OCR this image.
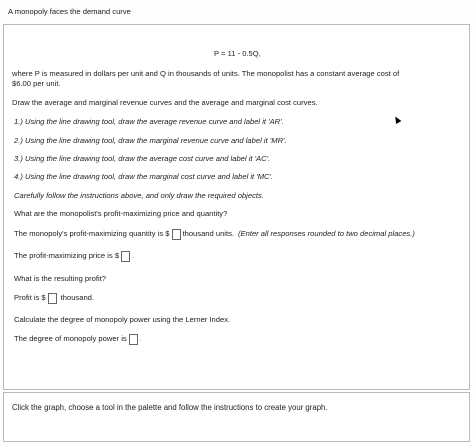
A monopoly faces the demand curve
P = 11 - 0.5Q,
where P is measured in dollars per unit and Q in thousands of units. The monopolist has a constant average cost of
$6.00 per unit.
Draw the average and marginal revenue curves and the average and marginal cost curves.
1.) Using the line drawing tool, draw the average revenue curve and label it 'AR'.
2.) Using the line drawing tool, draw the marginal revenue curve and label it 'MR'.
3.) Using the line drawing tool, draw the average cost curve and label it 'AC'.
4.) Using the line drawing tool, draw the marginal cost curve and label it 'MC'.
Carefully follow the instructions above, and only draw the required objects.
What are the monopolist's profit-maximizing price and quantity?
The monopoly's profit-maximizing quantity is $ thousand units. (Enter all responses rounded to two decimal places.)
The profit-maximizing price is $ .
What is the resulting profit?
Profit is $ thousand.
Calculate the degree of monopoly power using the Lerner Index.
The degree of monopoly power is .
Click the graph, choose a tool in the palette and follow the instructions to create your graph.
